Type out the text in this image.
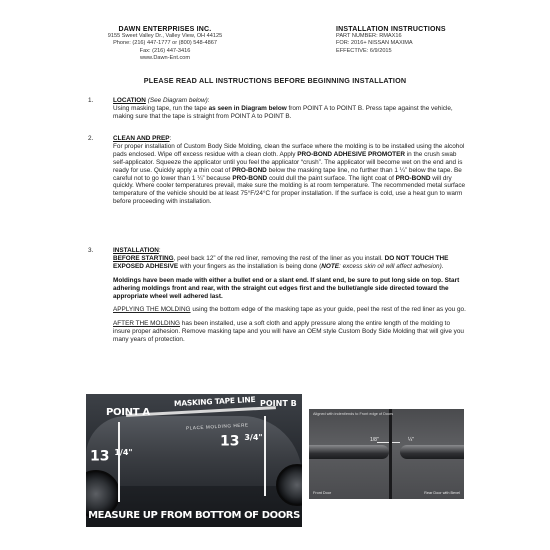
DAWN ENTERPRISES INC.
9155 Sweet Valley Dr., Valley View, OH 44125
Phone: (216) 447-1777 or (800) 548-4867
Fax: (216) 447-3416
www.Dawn-Ent.com
INSTALLATION INSTRUCTIONS
PART NUMBER: RMAX16
FOR: 2016+ NISSAN MAXIMA
EFFECTIVE: 6/9/2015
PLEASE READ ALL INSTRUCTIONS BEFORE BEGINNING INSTALLATION
1.	LOCATION (See Diagram below):
Using masking tape, run the tape as seen in Diagram below from POINT A to POINT B. Press tape against the vehicle, making sure that the tape is straight from POINT A to POINT B.

2.	CLEAN AND PREP:
For proper installation of Custom Body Side Molding, clean the surface where the molding is to be installed using the alcohol pads enclosed. Wipe off excess residue with a clean cloth. Apply PRO-BOND ADHESIVE PROMOTER in the crush swab self-applicator. Squeeze the applicator until you feel the applicator “crush”. The applicator will become wet on the end and is ready for use. Quickly apply a thin coat of PRO-BOND below the masking tape line, no further than 1 ¼” below the tape. Be careful not to go lower than 1 ¼” because PRO-BOND could dull the paint surface. The light coat of PRO-BOND will dry quickly. Where cooler temperatures prevail, make sure the molding is at room temperature. The recommended metal surface temperature of the vehicle should be at least 75°F/24°C for proper installation. If the surface is cold, use a heat gun to warm before proceeding with installation.

3.	INSTALLATION:
BEFORE STARTING, peel back 12” of the red liner, removing the rest of the liner as you install. DO NOT TOUCH THE EXPOSED ADHESIVE with your fingers as the installation is being done (NOTE: excess skin oil will affect adhesion).

Moldings have been made with either a bullet end or a slant end. If slant end, be sure to put long side on top. Start adhering moldings front and rear, with the straight cut edges first and the bullet/angle side directed toward the appropriate wheel well adhered last.

APPLYING THE MOLDING using the bottom edge of the masking tape as your guide, peel the rest of the red liner as you go.

AFTER THE MOLDING has been installed, use a soft cloth and apply pressure along the entire length of the molding to insure proper adhesion. Remove masking tape and you will have an OEM style Custom Body Side Molding that will give you many years of protection.

MASKING TAPE LINE
POINT A
POINT B
PLACE MOLDING HERE
13 $^{1/4"}$
13 $^{3/4"}$
MEASURE UP FROM BOTTOM OF DOORS
Aligned with indent/ends to Front edge of Doors
1/8"	¼"
Front Door	Rear Door with Bevel
